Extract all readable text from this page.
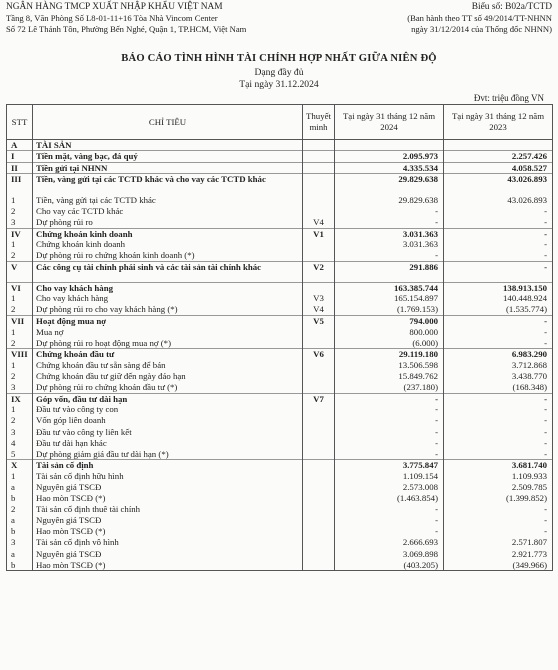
NGÂN HÀNG TMCP XUẤT NHẬP KHẨU VIỆT NAM
Tầng 8, Văn Phòng Số L8-01-11+16 Tòa Nhà Vincom Center
Số 72 Lê Thánh Tôn, Phường Bến Nghé, Quận 1, TP.HCM, Việt Nam
Biểu số: B02a/TCTD
(Ban hành theo TT số 49/2014/TT-NHNN
ngày 31/12/2014 của Thống đốc NHNN)
BÁO CÁO TÌNH HÌNH TÀI CHÍNH HỢP NHẤT GIỮA NIÊN ĐỘ
Dạng đầy đủ
Tại ngày 31.12.2024
Đvt: triệu đồng VN
STT	CHỈ TIÊU	Thuyết minh	Tại ngày 31 tháng 12 năm 2024	Tại ngày 31 tháng 12 năm 2023
A	TÀI SẢN			
I	Tiền mặt, vàng bạc, đá quý		2.095.973	2.257.426
II	Tiền gửi tại NHNN		4.335.534	4.058.527
III	Tiền, vàng gửi tại các TCTD khác và cho vay các TCTD khác		29.829.638	43.026.893
1	Tiền, vàng gửi tại các TCTD khác		29.829.638	43.026.893
2	Cho vay các TCTD khác		-	-
3	Dự phòng rủi ro	V4	-	-
IV	Chứng khoán kinh doanh	V1	3.031.363	-
1	Chứng khoán kinh doanh		3.031.363	-
2	Dự phòng rủi ro chứng khoán kinh doanh (*)		-	-
V	Các công cụ tài chính phái sinh và các tài sản tài chính khác	V2	291.886	-
VI	Cho vay khách hàng		163.385.744	138.913.150
1	Cho vay khách hàng	V3	165.154.897	140.448.924
2	Dự phòng rủi ro cho vay khách hàng (*)	V4	(1.769.153)	(1.535.774)
VII	Hoạt động mua nợ	V5	794.000	-
1	Mua nợ		800.000	-
2	Dự phòng rủi ro hoạt động mua nợ (*)		(6.000)	-
VIII	Chứng khoán đầu tư	V6	29.119.180	6.983.290
1	Chứng khoán đầu tư sẵn sàng để bán		13.506.598	3.712.868
2	Chứng khoán đầu tư giữ đến ngày đáo hạn		15.849.762	3.438.770
3	Dự phòng rủi ro chứng khoán đầu tư (*)		(237.180)	(168.348)
IX	Góp vốn, đầu tư dài hạn	V7	-	-
1	Đầu tư vào công ty con		-	-
2	Vốn góp liên doanh		-	-
3	Đầu tư vào công ty liên kết		-	-
4	Đầu tư dài hạn khác		-	-
5	Dự phòng giảm giá đầu tư dài hạn (*)		-	-
X	Tài sản cố định		3.775.847	3.681.740
1	Tài sản cố định hữu hình		1.109.154	1.109.933
a	Nguyên giá TSCĐ		2.573.008	2.509.785
b	Hao mòn TSCĐ (*)		(1.463.854)	(1.399.852)
2	Tài sản cố định thuê tài chính		-	-
a	Nguyên giá TSCĐ		-	-
b	Hao mòn TSCĐ (*)		-	-
3	Tài sản cố định vô hình		2.666.693	2.571.807
a	Nguyên giá TSCĐ		3.069.898	2.921.773
b	Hao mòn TSCĐ (*)		(403.205)	(349.966)
